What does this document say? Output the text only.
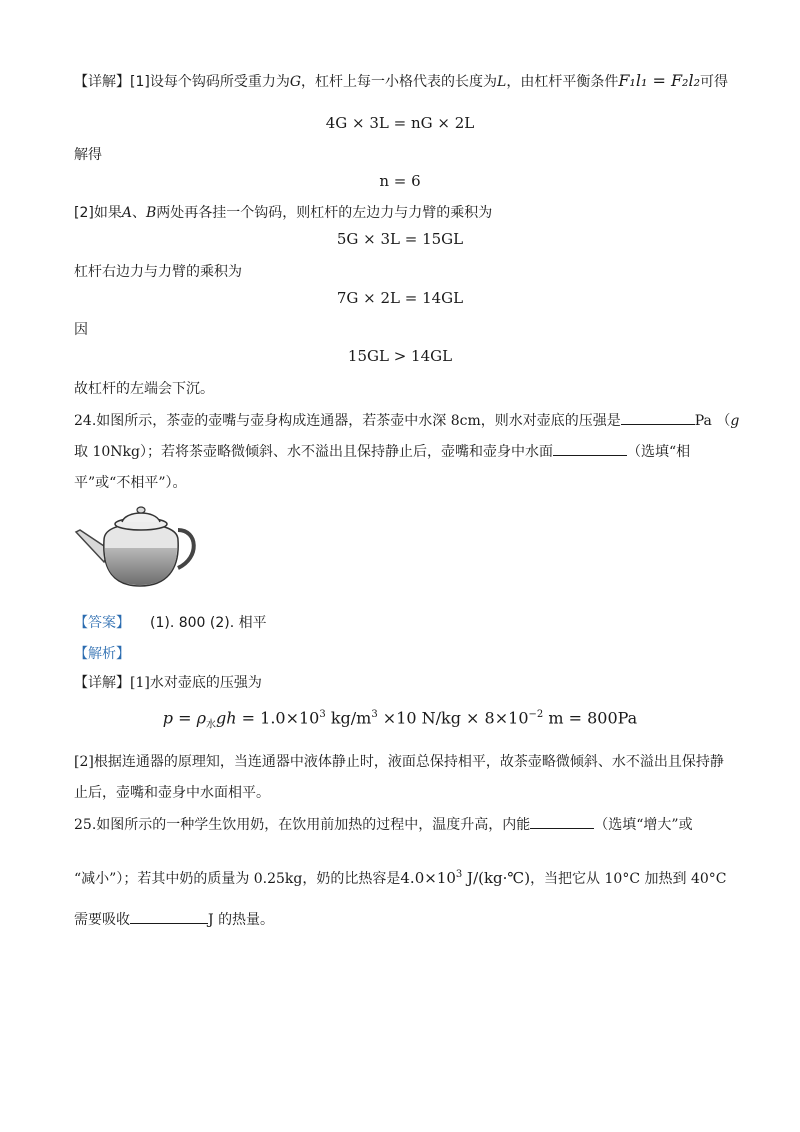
【详解】[1]设每个钩码所受重力为G，杠杆上每一小格代表的长度为L，由杠杆平衡条件F₁l₁ = F₂l₂可得
4G × 3L = nG × 2L
解得
n = 6
[2]如果A、B两处再各挂一个钩码，则杠杆的左边力与力臂的乘积为
5G × 3L = 15GL
杠杆右边力与力臂的乘积为
7G × 2L = 14GL
因
15GL > 14GL
故杠杆的左端会下沉。
24.如图所示，茶壶的壶嘴与壶身构成连通器，若茶壶中水深 8cm，则水对壶底的压强是	Pa （g
取 10Nkg）；若将茶壶略微倾斜、水不溢出且保持静止后，壶嘴和壶身中水面	（选填“相
平”或“不相平”）。
【答案】 (1). 800 (2). 相平
【解析】
【详解】[1]水对壶底的压强为
$p = \rho_水gh = 1.0\times 10^3$ $kg/m^3 \times 10$ $N/kg \times 8\times 10^{-2}$ m = 800Pa
[2]根据连通器的原理知，当连通器中液体静止时，液面总保持相平，故茶壶略微倾斜、水不溢出且保持静
止后，壶嘴和壶身中水面相平。
25.如图所示的一种学生饮用奶，在饮用前加热的过程中，温度升高，内能	（选填“增大”或
“减小”）；若其中奶的质量为 0.25kg，奶的比热容是$4.0\times 10^3$ J/(kg·℃)，当把它从 10°C 加热到 40°C
需要吸收	J 的热量。
